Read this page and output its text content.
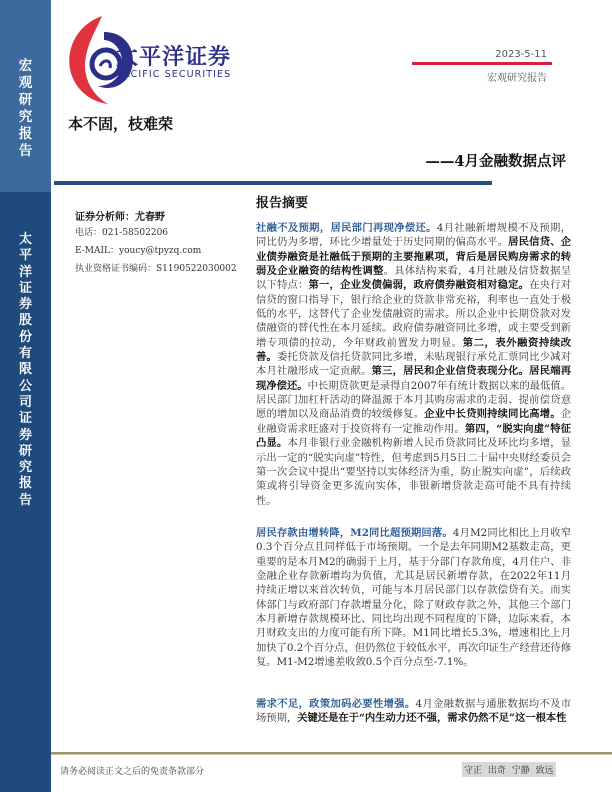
宏
观
研
究
报
告
太
平
洋
证
券
股
份
有
限
公
司
证
券
研
究
报
告
太平洋证券
PACIFIC SECURITIES
2023-5-11
宏观研究报告
本不固，枝难荣
——4月金融数据点评
证券分析师：尤春野
电话：021-58502206
E-MAIL：youcy@tpyzq.com
执业资格证书编码：S1190522030002
报告摘要

社融不及预期，居民部门再现净偿还。4月社融新增规模不及预期，同比仍为多增，环比少增量处于历史同期的偏高水平。居民信贷、企业债券融资是社融低于预期的主要拖累项，背后是居民购房需求的转弱及企业融资的结构性调整。具体结构来看，4月社融及信贷数据呈以下特点：第一，企业发债偏弱，政府债券融资相对稳定。在央行对信贷的窗口指导下，银行给企业的贷款非常充裕，利率也一直处于极低的水平，这替代了企业发债融资的需求。所以企业中长期贷款对发债融资的替代性在本月延续。政府债券融资同比多增，或主要受到新增专项债的拉动，今年财政前置发力明显。第二，表外融资持续改善。委托贷款及信托贷款同比多增，未贴现银行承兑汇票同比少减对本月社融形成一定贡献。第三，居民和企业信贷表现分化。居民端再现净偿还。中长期贷款更是录得自2007年有统计数据以来的最低值。居民部门加杠杆活动的降温源于本月其购房需求的走弱、提前偿贷意愿的增加以及商品消费的较缓修复。企业中长贷则持续同比高增。企业融资需求旺盛对于投资将有一定推动作用。第四，“脱实向虚”特征凸显。本月非银行业金融机构新增人民币贷款同比及环比均多增，显示出一定的“脱实向虚”特性，但考虑到5月5日二十届中央财经委员会第一次会议中提出“要坚持以实体经济为重，防止脱实向虚”，后续政策或将引导资金更多流向实体，非银新增贷款走高可能不具有持续性。

居民存款由增转降，M2同比超预期回落。4月M2同比相比上月收窄0.3个百分点且同样低于市场预期。一个是去年同期M2基数走高，更重要的是本月M2的确弱于上月，基于分部门存款角度，4月住户、非金融企业存款新增均为负值，尤其是居民新增存款，在2022年11月持续正增以来首次转负，可能与本月居民部门以存款偿贷有关。而实体部门与政府部门存款增量分化，除了财政存款之外，其他三个部门本月新增存款规模环比、同比均出现不同程度的下降，边际来看，本月财政支出的力度可能有所下降。M1同比增长5.3%，增速相比上月加快了0.2个百分点，但仍然位于较低水平，再次印证生产经营还待修复。M1-M2增速差收敛0.5个百分点至-7.1%。

需求不足，政策加码必要性增强。4月金融数据与通胀数据均不及市场预期，关键还是在于“内生动力还不强，需求仍然不足”这一根本性

请务必阅读正文之后的免责条款部分	守正 出奇 宁静 致远
